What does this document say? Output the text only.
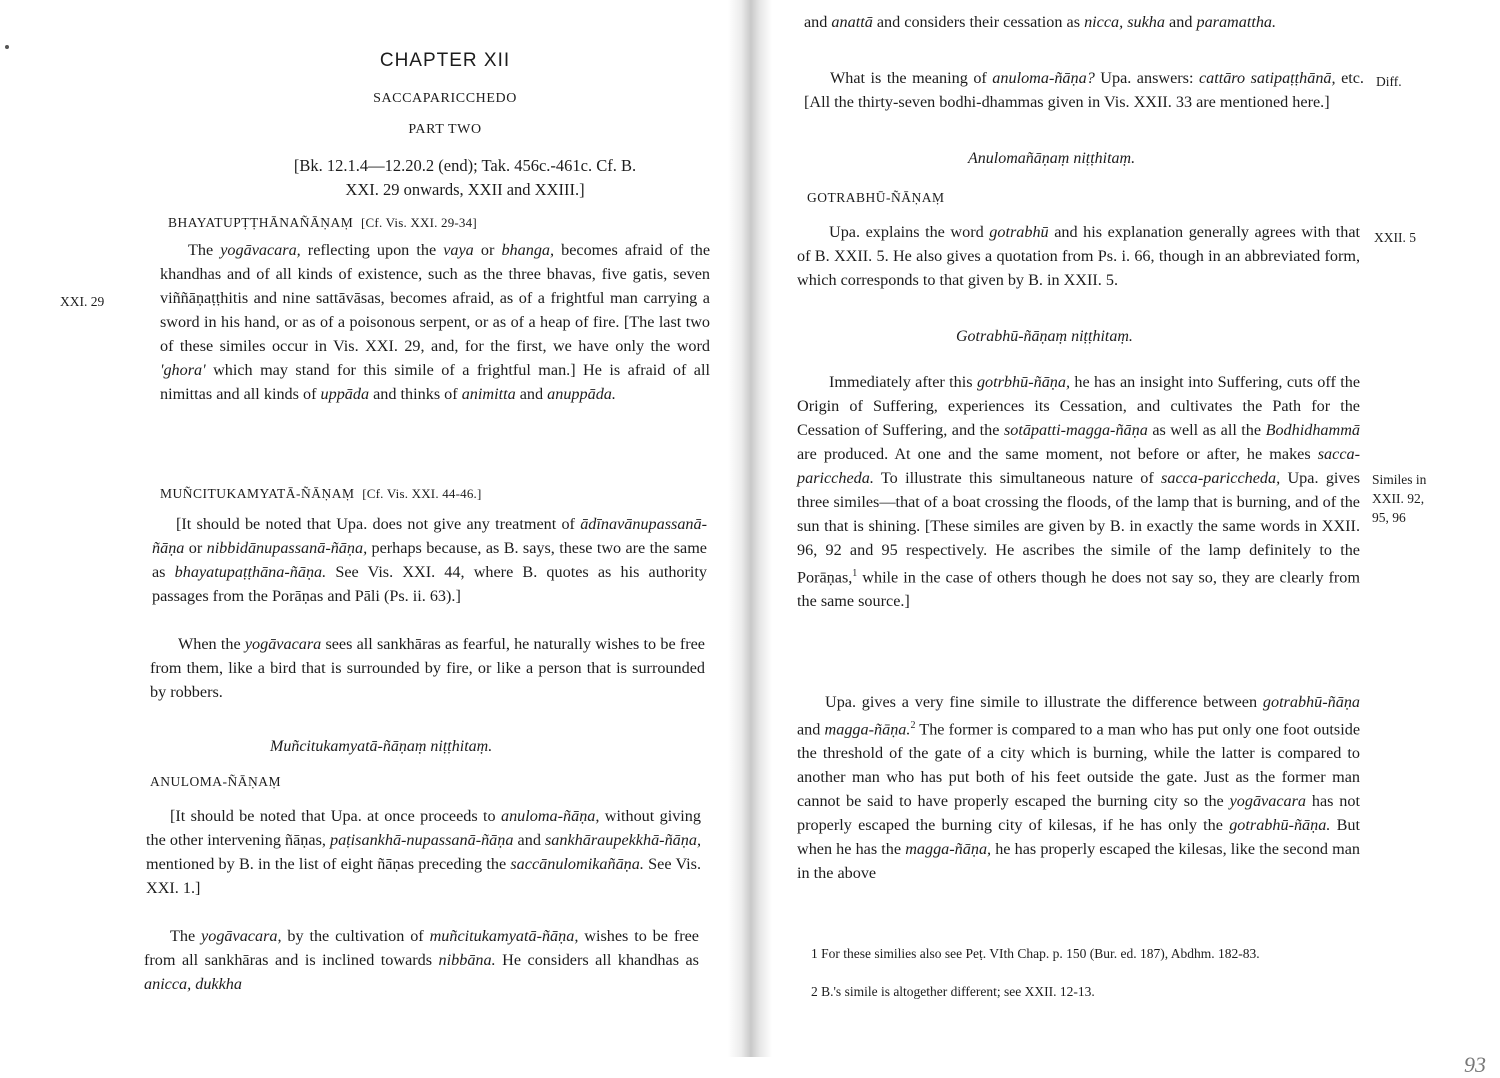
CHAPTER XII

SACCAPARICCHEDO

PART TWO

[Bk. 12.1.4—12.20.2 (end); Tak. 456c.-461c. Cf. B.

XXI. 29 onwards, XXII and XXIII.]

BHAYATUPṬṬHĀNAÑĀṆAṂ [Cf. Vis. XXI. 29-34]

XXI. 29

The yogāvacara, reflecting upon the vaya or bhanga, becomes afraid of the khandhas and of all kinds of existence, such as the three bhavas, five gatis, seven viññāṇaṭṭhitis and nine sattāvāsas, becomes afraid, as of a frightful man carrying a sword in his hand, or as of a poisonous serpent, or as of a heap of fire. [The last two of these similes occur in Vis. XXI. 29, and, for the first, we have only the word 'ghora' which may stand for this simile of a frightful man.] He is afraid of all nimittas and all kinds of uppāda and thinks of animitta and anuppāda.

MUÑCITUKAMYATĀ-ÑĀṆAṂ [Cf. Vis. XXI. 44-46.]

[It should be noted that Upa. does not give any treatment of ādīnavānupassanā-ñāṇa or nibbidānupassanā-ñāṇa, perhaps because, as B. says, these two are the same as bhayatupaṭṭhāna-ñāṇa. See Vis. XXI. 44, where B. quotes as his authority passages from the Porāṇas and Pāli (Ps. ii. 63).]

When the yogāvacara sees all sankhāras as fearful, he naturally wishes to be free from them, like a bird that is surrounded by fire, or like a person that is surrounded by robbers.

Muñcitukamyatā-ñāṇaṃ niṭṭhitaṃ.

ANULOMA-ÑĀṆAṂ

[It should be noted that Upa. at once proceeds to anuloma-ñāṇa, without giving the other intervening ñāṇas, paṭisankhā-nupassanā-ñāṇa and sankhāraupekkhā-ñāṇa, mentioned by B. in the list of eight ñāṇas preceding the saccānulomikañāṇa. See Vis. XXI. 1.]

The yogāvacara, by the cultivation of muñcitukamyatā-ñāṇa, wishes to be free from all sankhāras and is inclined towards nibbāna. He considers all khandhas as anicca, dukkha

and anattā and considers their cessation as nicca, sukha and paramattha.

What is the meaning of anuloma-ñāṇa? Upa. answers: cattāro satipaṭṭhānā, etc. [All the thirty-seven bodhi-dhammas given in Vis. XXII. 33 are mentioned here.]

Diff.

Anulomañāṇaṃ niṭṭhitaṃ.

GOTRABHŪ-ÑĀṆAṂ

Upa. explains the word gotrabhū and his explanation generally agrees with that of B. XXII. 5. He also gives a quotation from Ps. i. 66, though in an abbreviated form, which corresponds to that given by B. in XXII. 5.

XXII. 5

Gotrabhū-ñāṇaṃ niṭṭhitaṃ.

Immediately after this gotrbhū-ñāṇa, he has an insight into Suffering, cuts off the Origin of Suffering, experiences its Cessation, and cultivates the Path for the Cessation of Suffering, and the sotāpatti-magga-ñāṇa as well as all the Bodhidhammā are produced. At one and the same moment, not before or after, he makes sacca-pariccheda. To illustrate this simultaneous nature of sacca-pariccheda, Upa. gives three similes—that of a boat crossing the floods, of the lamp that is burning, and of the sun that is shining. [These similes are given by B. in exactly the same words in XXII. 96, 92 and 95 respectively. He ascribes the simile of the lamp definitely to the Porāṇas,$^1$ while in the case of others though he does not say so, they are clearly from the same source.]

Similes in
XXII. 92,
95, 96

Upa. gives a very fine simile to illustrate the difference between gotrabhū-ñāṇa and magga-ñāṇa.$^2$ The former is compared to a man who has put only one foot outside the threshold of the gate of a city which is burning, while the latter is compared to another man who has put both of his feet outside the gate. Just as the former man cannot be said to have properly escaped the burning city so the yogāvacara has not properly escaped the burning city of kilesas, if he has only the gotrabhū-ñāṇa. But when he has the magga-ñāṇa, he has properly escaped the kilesas, like the second man in the above

1 For these similies also see Peṭ. VIth Chap. p. 150 (Bur. ed. 187), Abdhm. 182-83.

2 B.'s simile is altogether different; see XXII. 12-13.

93
